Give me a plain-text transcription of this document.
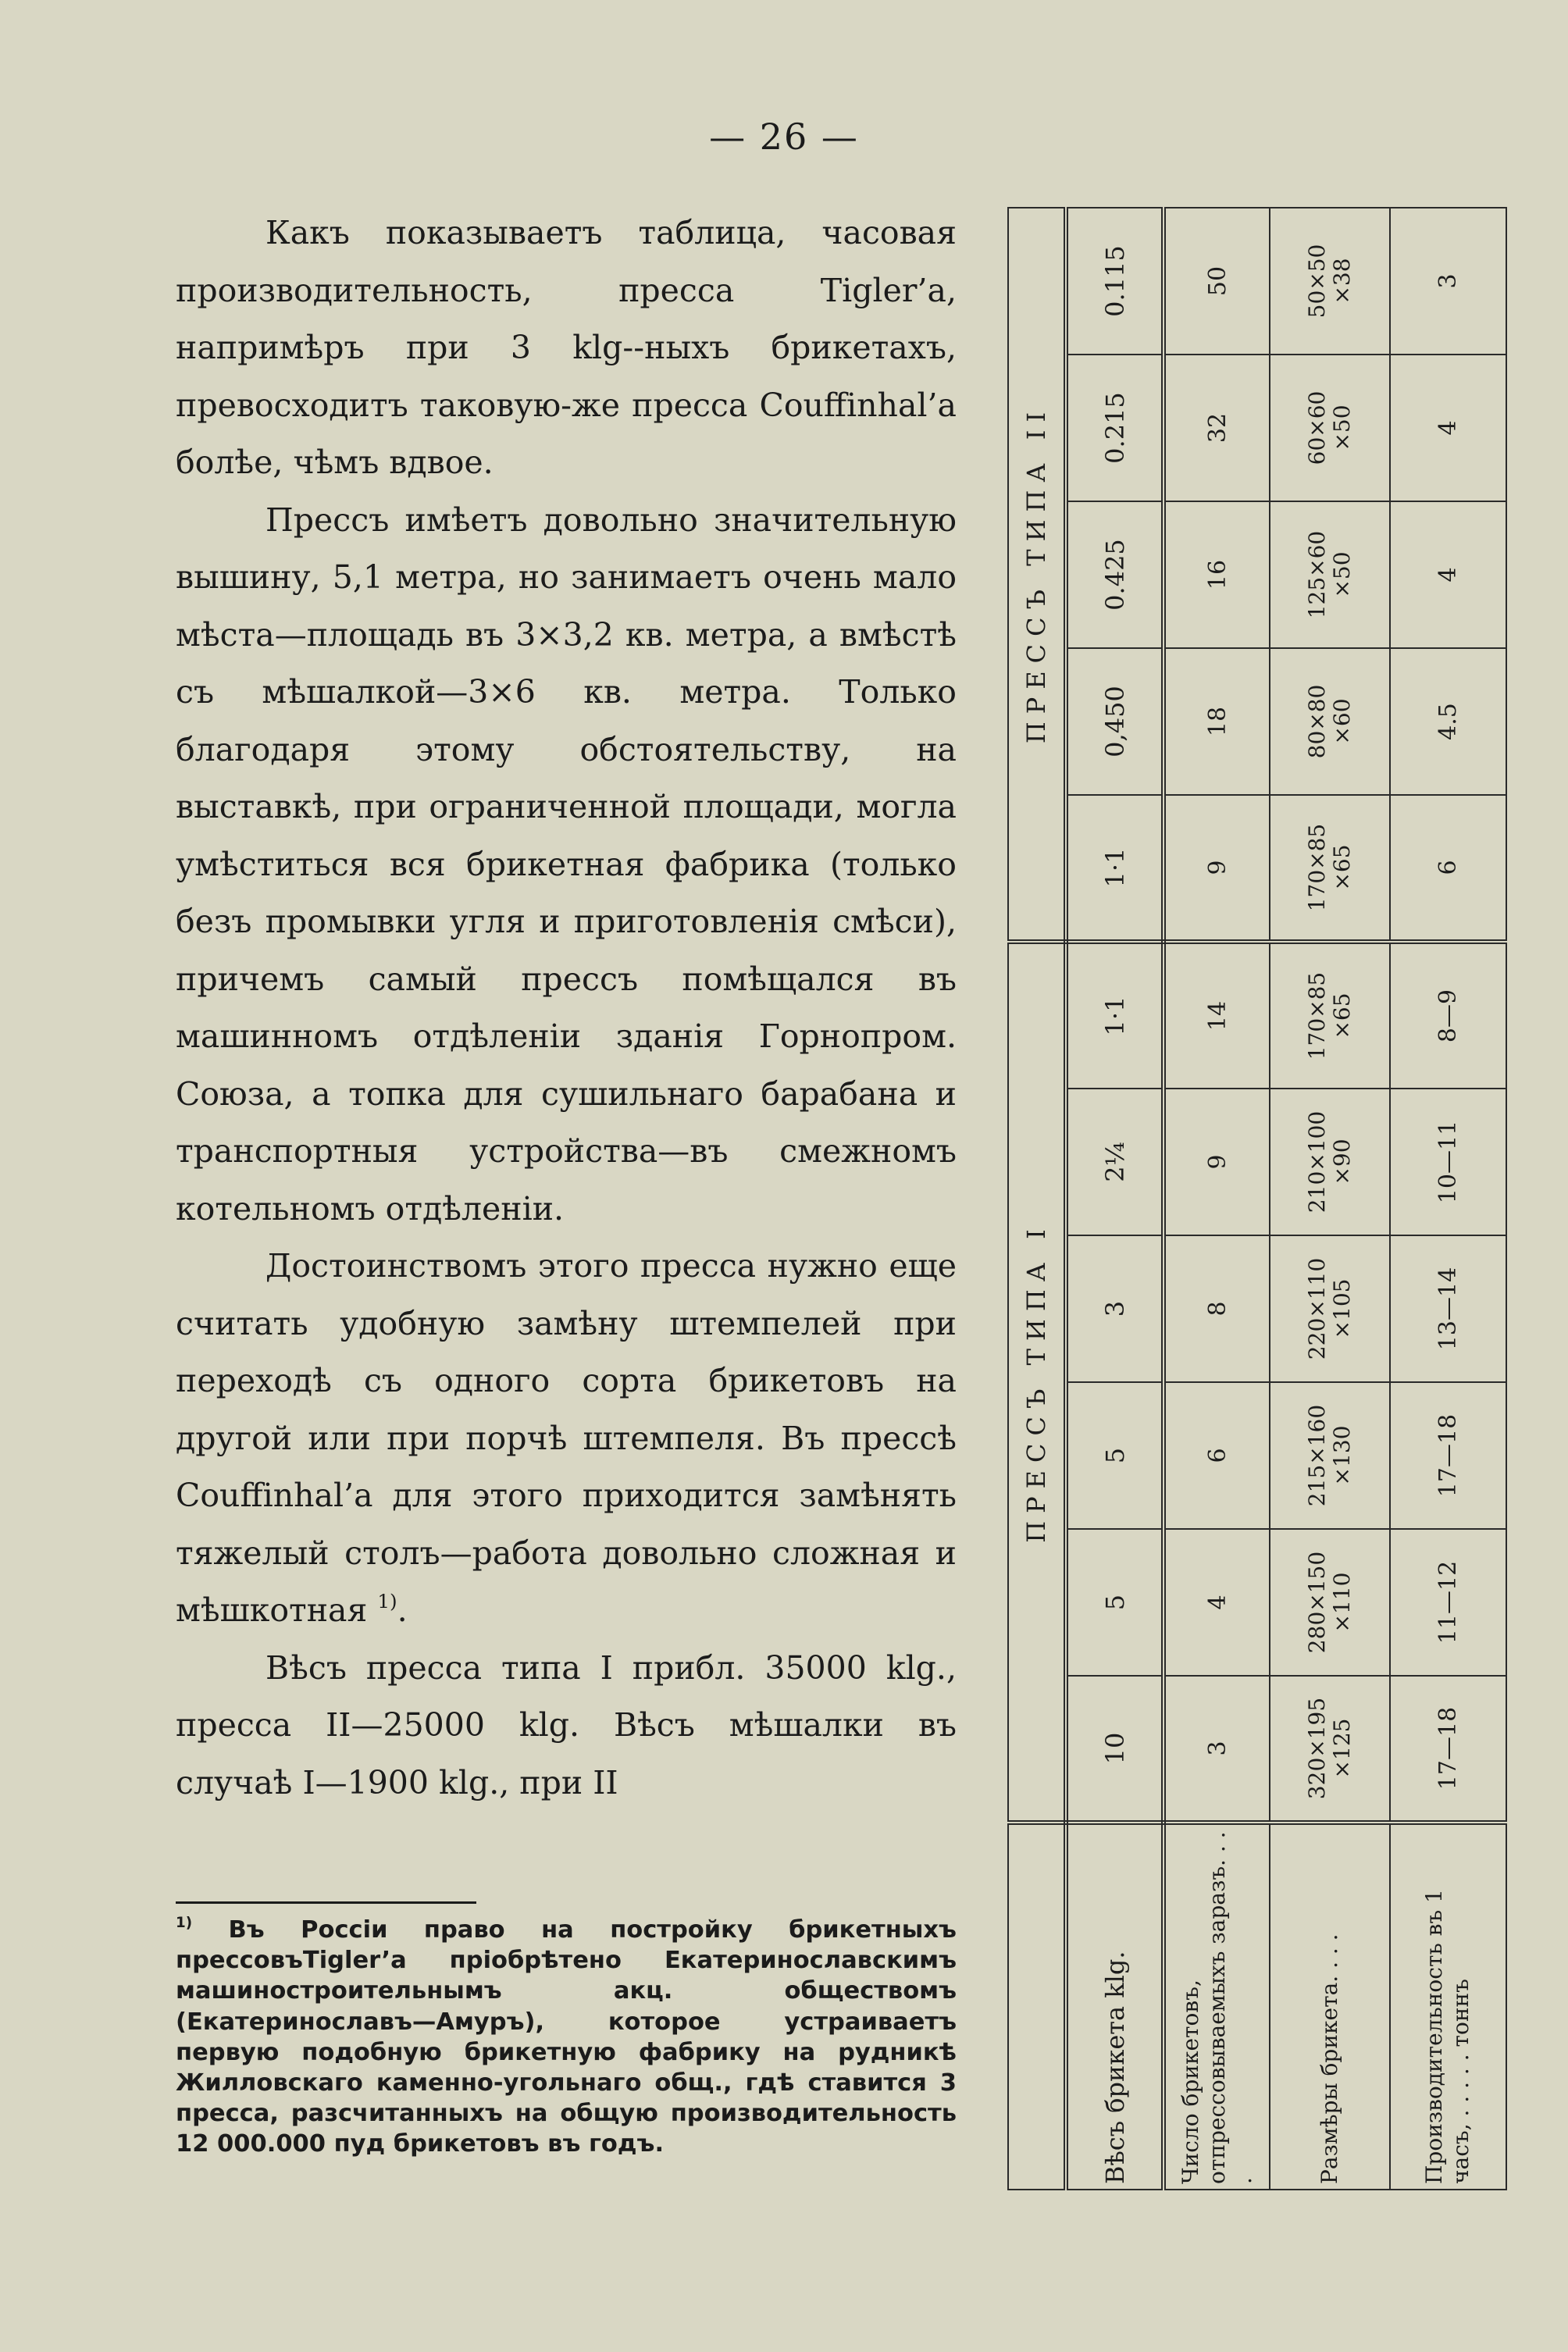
— 26 —

Какъ показываетъ таблица, часовая производительность, пресса Tigler’а, напримѣръ при 3 klg--ныхъ брикетахъ, превосходитъ таковую-же пресса Couffinhal’а болѣе, чѣмъ вдвое.

Прессъ имѣетъ довольно значительную вышину, 5,1 метра, но занимаетъ очень мало мѣста—площадь въ 3×3,2 кв. метра, а вмѣстѣ съ мѣшалкой—3×6 кв. метра. Только благодаря этому обстоятельству, на выставкѣ, при ограниченной площади, могла умѣститься вся брикетная фабрика (только безъ промывки угля и приготовленія смѣси), причемъ самый прессъ помѣщался въ машинномъ отдѣленіи зданія Горнопром. Союза, а топка для сушильнаго барабана и транспортныя устройства—въ смежномъ котельномъ отдѣленіи.

Достоинствомъ этого пресса нужно еще считать удобную замѣну штемпелей при переходѣ съ одного сорта брикетовъ на другой или при порчѣ штемпеля. Въ прессѣ Couffinhal’а для этого приходится замѣнять тяжелый столъ—работа довольно сложная и мѣшкотная $^{1)}$.

Вѣсъ пресса типа I прибл. 35000 klg., пресса II—25000 klg. Вѣсъ мѣшалки въ случаѣ I—1900 klg., при II

$^{1)}$ Въ Россіи право на постройку брикетныхъ прессовъTigler’а пріобрѣтено Екатеринославскимъ машиностроительнымъ акц. обществомъ (Екатеринославъ—Амуръ), которое устраиваетъ первую подобную брикетную фабрику на рудникѣ Жилловскаго каменно-угольнаго общ., гдѣ ставится 3 пресса, разсчитанныхъ на общую производительность 12 000.000 пуд брикетовъ въ годъ.

	ПРЕССЪ ТИПА I						ПРЕССЪ ТИПА II				
Вѣсъ брикета klg.	10	5	5	3	2¼	1·1	1·1	0,450	0.425	0.215	0.115
Число брикетовъ, отпрессовываемыхъ заразъ. . . .	3	4	6	8	9	14	9	18	16	32	50
Размѣры брикета. . . .	320×195 ×125	280×150 ×110	215×160 ×130	220×110 ×105	210×100 ×90	170×85 ×65	170×85 ×65	80×80 ×60	125×60 ×50	60×60 ×50	50×50 ×38

Производительность въ 1 часъ, . . . . . тоннъ	17—18	11—12	17—18	13—14	10—11	8—9	6	4.5	4	4	3
